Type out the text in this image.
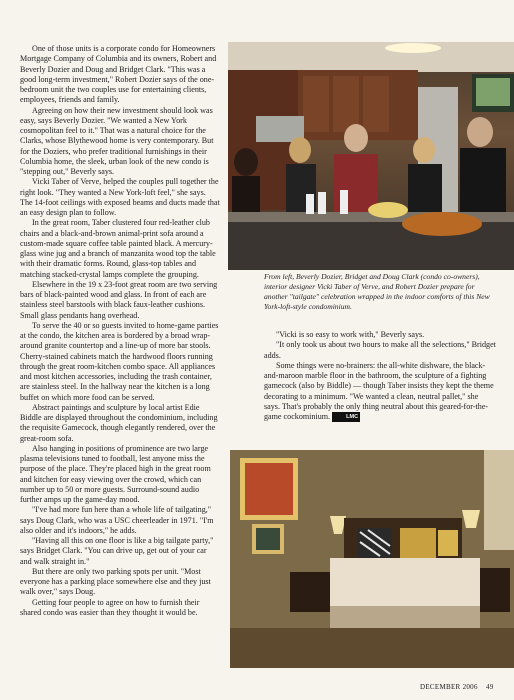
One of those units is a corporate condo for Homeowners Mortgage Company of Columbia and its owners, Robert and Beverly Dozier and Doug and Bridget Clark. "This was a good long-term investment," Robert Dozier says of the one-bedroom unit the two couples use for entertaining clients, employees, friends and family.

Agreeing on how their new investment should look was easy, says Beverly Dozier. "We wanted a New York cosmopolitan feel to it." That was a natural choice for the Clarks, whose Blythewood home is very contemporary. But for the Doziers, who prefer traditional furnishings in their Columbia home, the sleek, urban look of the new condo is "stepping out," Beverly says.

Vicki Taber of Verve, helped the couples pull together the right look. "They wanted a New York-loft feel," she says. The 14-foot ceilings with exposed beams and ducts made that an easy design plan to follow.

In the great room, Taber clustered four red-leather club chairs and a black-and-brown animal-print sofa around a custom-made square coffee table painted black. A mercury-glass wine jug and a branch of manzanita wood top the table with their dramatic forms. Round, glass-top tables and matching stacked-crystal lamps complete the grouping.

Elsewhere in the 19 x 23-foot great room are two serving bars of black-painted wood and glass. In front of each are stainless steel barstools with black faux-leather cushions. Small glass pendants hang overhead.

To serve the 40 or so guests invited to home-game parties at the condo, the kitchen area is bordered by a broad wrap-around granite countertop and a line-up of more bar stools. Cherry-stained cabinets match the hardwood floors running through the great room-kitchen combo space. All appliances and most kitchen accessories, including the trash container, are stainless steel. In the hallway near the kitchen is a long buffet on which more food can be served.

Abstract paintings and sculpture by local artist Edie Biddle are displayed throughout the condominium, including the requisite Gamecock, though elegantly rendered, over the great-room sofa.

Also hanging in positions of prominence are two large plasma televisions tuned to football, lest anyone miss the purpose of the place. They're placed high in the great room and kitchen for easy viewing over the crowd, which can number up to 50 or more guests. Surround-sound audio further amps up the game-day mood.

"I've had more fun here than a whole life of tailgating," says Doug Clark, who was a USC cheerleader in 1971. "I'm also older and it's indoors," he adds.

"Having all this on one floor is like a big tailgate party," says Bridget Clark. "You can drive up, get out of your car and walk straight in."

But there are only two parking spots per unit. "Most everyone has a parking place somewhere else and they just walk over," says Doug.

Getting four people to agree on how to furnish their shared condo was easier than they thought it would be.

From left, Beverly Dozier, Bridget and Doug Clark (condo co-owners), interior designer Vicki Taber of Verve, and Robert Dozier prepare for another "tailgate" celebration wrapped in the indoor comforts of this New York-loft-style condominium.

"Vicki is so easy to work with," Beverly says.

"It only took us about two hours to make all the selections," Bridget adds.

Some things were no-brainers: the all-white dishware, the black-and-maroon marble floor in the bathroom, the sculpture of a fighting gamecock (also by Biddle) — though Taber insists they kept the theme decorating to a minimum. "We wanted a clean, neutral pallet," she says. That's probably the only thing neutral about this geared-for-the-game cockominium.	LMC

DECEMBER 2006 49
